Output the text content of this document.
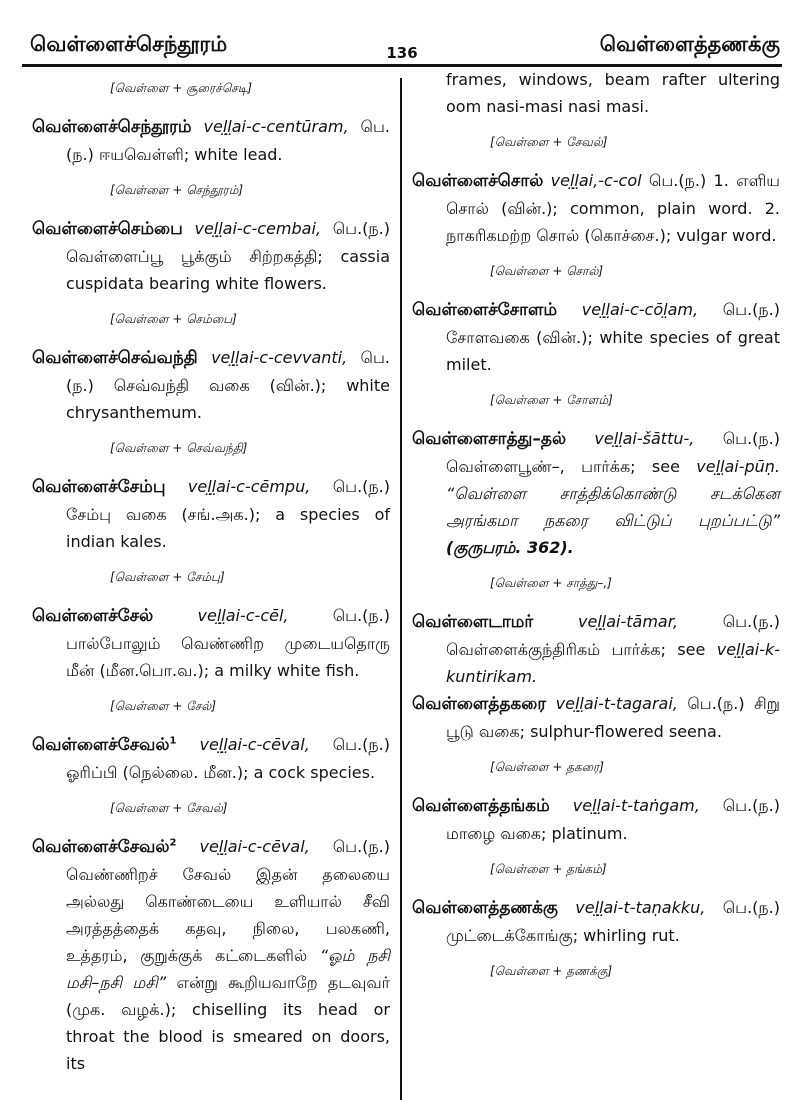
வெள்ளைச்செந்தூரம்	136	வெள்ளைத்தணக்கு
[வெள்ளை + சூரைச்செடி]
வெள்ளைச்செந்தூரம் vel̤l̤ai-c-centūram, பெ.(ந.) ஈயவெள்ளி; white lead.
[வெள்ளை + செந்தூரம்]
வெள்ளைச்செம்பை vel̤l̤ai-c-cembai, பெ.(ந.) வெள்ளைப்பூ பூக்கும் சிற்றகத்தி; cassia cuspidata bearing white flowers.
[வெள்ளை + செம்பை]
வெள்ளைச்செவ்வந்தி vel̤l̤ai-c-cevvanti, பெ.(ந.) செவ்வந்தி வகை (வின்.); white chrysanthemum.
[வெள்ளை + செவ்வந்தி]
வெள்ளைச்சேம்பு vel̤l̤ai-c-cēmpu, பெ.(ந.) சேம்பு வகை (சங்.அக.); a species of indian kales.
[வெள்ளை + சேம்பு]
வெள்ளைச்சேல்	vel̤l̤ai-c-cēl,	பெ.(ந.) பால்போலும் வெண்ணிற முடையதொரு மீன் (மீன.பொ.வ.); a milky white fish.
[வெள்ளை + சேல்]
வெள்ளைச்சேவல்$^1$ vel̤l̤ai-c-cēval, பெ.(ந.) ஓரிப்பி (நெல்லை. மீன.); a cock species.
[வெள்ளை + சேவல்]
வெள்ளைச்சேவல்$^2$ vel̤l̤ai-c-cēval, பெ.(ந.) வெண்ணிறச் சேவல் இதன் தலையை அல்லது கொண்டையை உளியால் சீவி அரத்தத்தைக் கதவு, நிலை, பலகணி, உத்தரம், குறுக்குக் கட்டைகளில் “ஓம் நசி மசி–நசி மசி” என்று கூறியவாறே தடவுவர் (முக. வழக்.); chiselling its head or throat the blood is smeared on doors, its
frames, windows, beam rafter ultering oom nasi-masi nasi masi.
[வெள்ளை + சேவல்]
வெள்ளைச்சொல் vel̤l̤ai,-c-col பெ.(ந.) 1. எளிய சொல் (வின்.); common, plain word. 2. நாகரிகமற்ற சொல் (கொச்சை.); vulgar word.
[வெள்ளை + சொல்]
வெள்ளைச்சோளம் vel̤l̤ai-c-cōl̤am, பெ.(ந.) சோளவகை (வின்.); white species of great milet.
[வெள்ளை + சோளம்]
வெள்ளைசாத்து–தல் vel̤l̤ai-šāttu-, பெ.(ந.) வெள்ளைபூண்–, பார்க்க; see vel̤l̤ai-pūṇ. “வெள்ளை சாத்திக்கொண்டு சடக்கென அரங்கமா நகரை விட்டுப் புறப்பட்டு” (குருபரம். 362).
[வெள்ளை + சாத்து–,]
வெள்ளைடாமர்	vel̤l̤ai-tāmar,	பெ.(ந.) வெள்ளைக்குந்திரிகம் பார்க்க; see vel̤l̤ai-k-kuntirikam.
வெள்ளைத்தகரை vel̤l̤ai-t-tagarai, பெ.(ந.) சிறு பூடு வகை; sulphur-flowered seena.
[வெள்ளை + தகரை]
வெள்ளைத்தங்கம் vel̤l̤ai-t-taṅgam, பெ.(ந.) மாழை வகை; platinum.
[வெள்ளை + தங்கம்]
வெள்ளைத்தணக்கு vel̤l̤ai-t-taṇakku, பெ.(ந.) முட்டைக்கோங்கு; whirling rut.
[வெள்ளை + தணக்கு]
